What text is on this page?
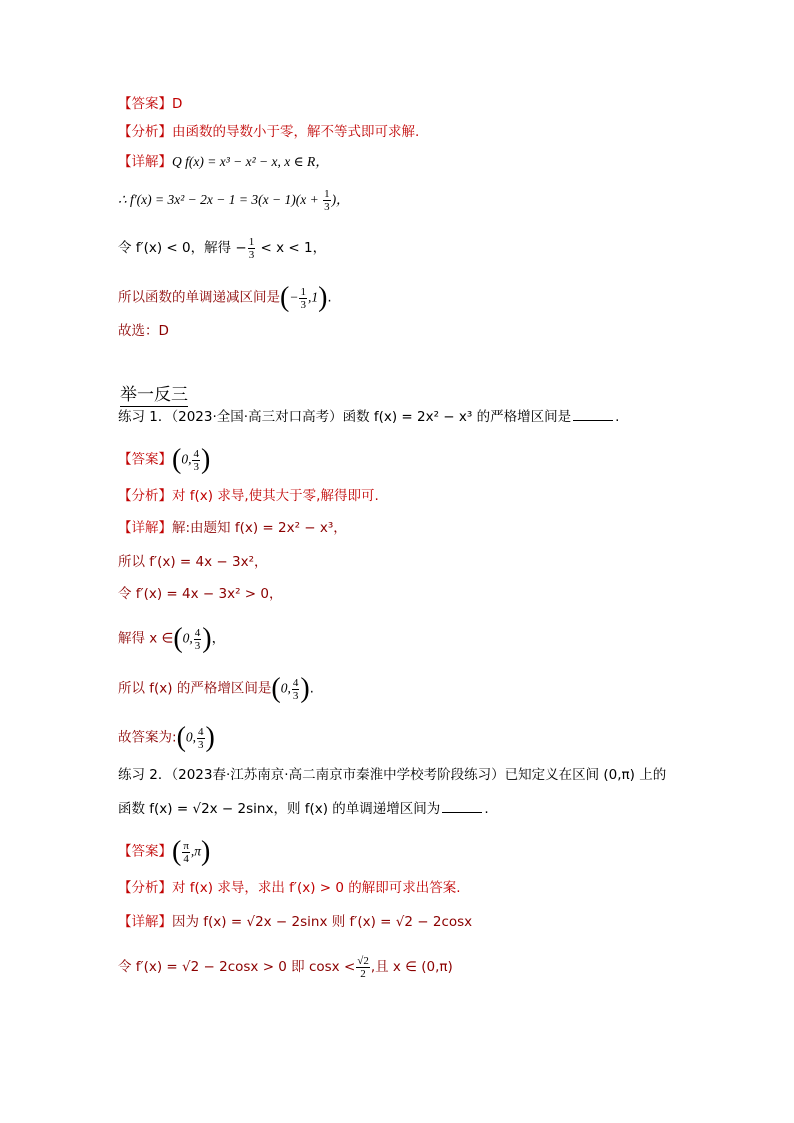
【答案】D
【分析】由函数的导数小于零，解不等式即可求解.
【详解】Q f(x) = x³ − x² − x, x ∈ R，
∴ $f'(x) = 3x^2 - 2x - 1 = 3(x - 1)(x + \frac{1}{3}$ )，
令 f′(x) < 0，解得 − $\frac{1}{3} < x < 1$，
所以函数的单调递减区间是(− $\frac{1}{3} ,1$).
故选：D
举一反三
练习 1．（2023·全国·高三对口高考）函数 f(x) = 2x² − x³ 的严格增区间是	.
【答案】(0, $\frac{4}{3}$ )
【分析】对 f(x) 求导,使其大于零,解得即可.
【详解】解:由题知 f(x) = 2x² − x³，
所以 f′(x) = 4x − 3x²，
令 f′(x) = 4x − 3x² > 0，
解得 x ∈(0, $\frac{4}{3}$ )，
所以 f(x) 的严格增区间是(0, $\frac{4}{3}$ ).
故答案为:(0, $\frac{4}{3}$ )
练习 2．（2023春·江苏南京·高二南京市秦淮中学校考阶段练习）已知定义在区间 (0,π) 上的
函数 f(x) = √2x − 2sinx，则 f(x) 的单调递增区间为	.
【答案】( $\frac{\pi}{4} ,\pi$)
【分析】对 f(x) 求导，求出 f′(x) > 0 的解即可求出答案.
【详解】因为 f(x) = √2x − 2sinx 则 f′(x) = √2 − 2cosx
令 f′(x) = √2 − 2cosx > 0 即 $\cos x < \frac{√2}{2}$ ,且 x ∈ (0,π)
